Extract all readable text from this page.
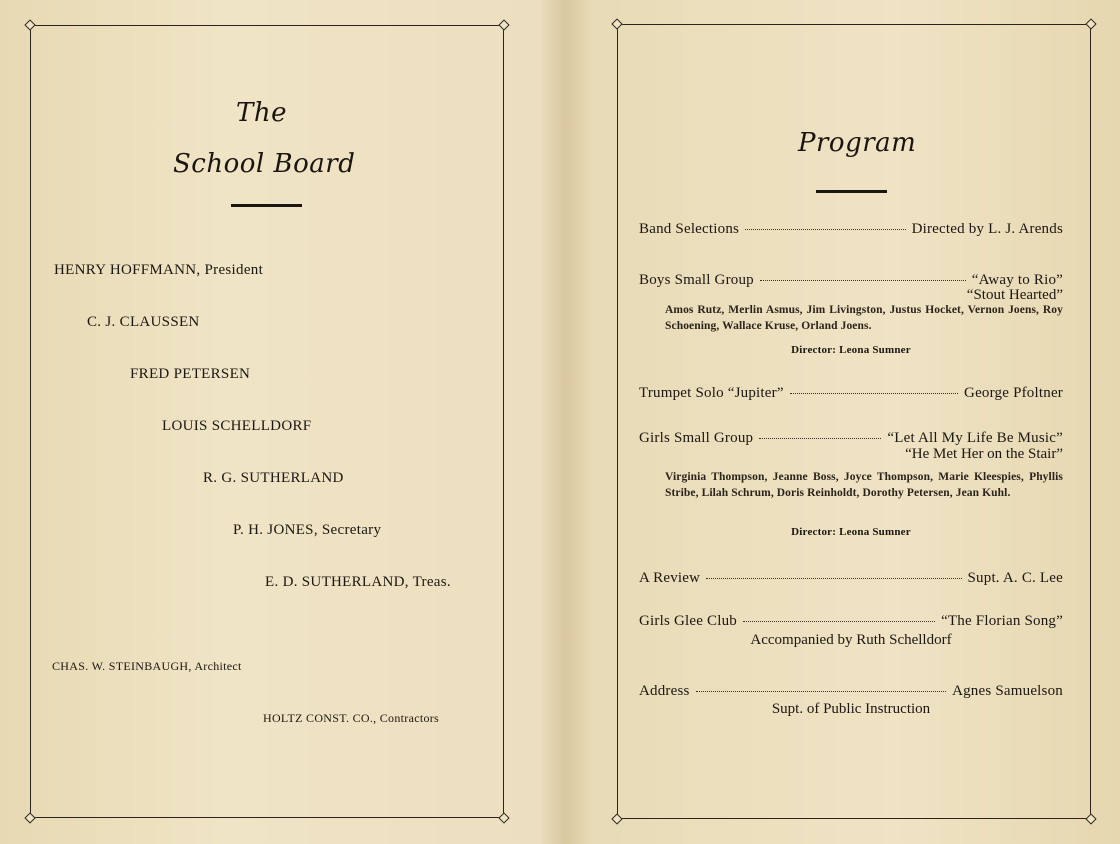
The
School Board
HENRY HOFFMANN, President
C. J. CLAUSSEN
FRED PETERSEN
LOUIS SCHELLDORF
R. G. SUTHERLAND
P. H. JONES, Secretary
E. D. SUTHERLAND, Treas.
CHAS. W. STEINBAUGH, Architect
HOLTZ CONST. CO., Contractors
Program
Band Selections	Directed by L. J. Arends
Boys Small Group	“Away to Rio”
“Stout Hearted”
Amos Rutz, Merlin Asmus, Jim Livingston, Justus Hocket, Vernon Joens, Roy Schoening, Wallace Kruse, Orland Joens.
Director: Leona Sumner
Trumpet Solo “Jupiter”	George Pfoltner
Girls Small Group	“Let All My Life Be Music”
“He Met Her on the Stair”
Virginia Thompson, Jeanne Boss, Joyce Thompson, Marie Kleespies, Phyllis Stribe, Lilah Schrum, Doris Reinholdt, Dorothy Petersen, Jean Kuhl.
Director: Leona Sumner
A Review	Supt. A. C. Lee
Girls Glee Club	“The Florian Song”
Accompanied by Ruth Schelldorf
Address	Agnes Samuelson
Supt. of Public Instruction
